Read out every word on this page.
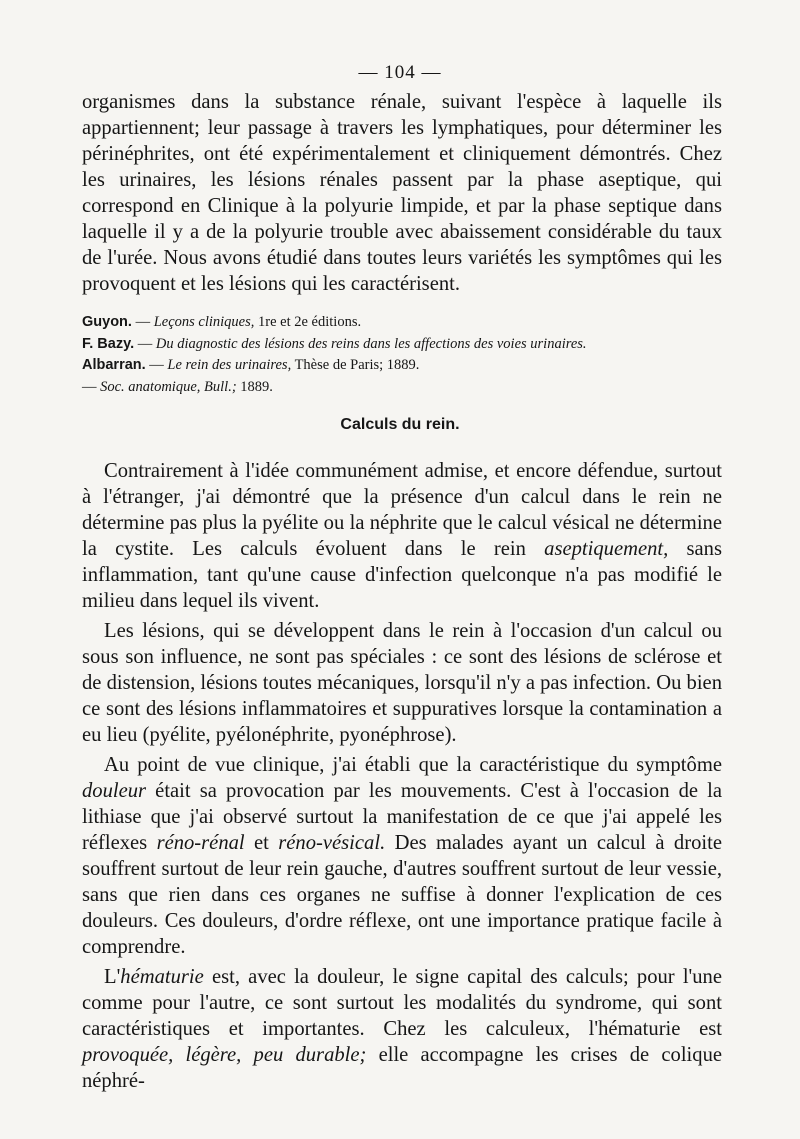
— 104 —

organismes dans la substance rénale, suivant l'espèce à laquelle ils appartiennent; leur passage à travers les lymphatiques, pour déterminer les périnéphrites, ont été expérimentalement et cliniquement démontrés. Chez les urinaires, les lésions rénales passent par la phase aseptique, qui correspond en Clinique à la polyurie limpide, et par la phase septique dans laquelle il y a de la polyurie trouble avec abaissement considérable du taux de l'urée. Nous avons étudié dans toutes leurs variétés les symptômes qui les provoquent et les lésions qui les caractérisent.

Guyon. — Leçons cliniques, 1re et 2e éditions.

F. Bazy. — Du diagnostic des lésions des reins dans les affections des voies urinaires.

Albarran. — Le rein des urinaires, Thèse de Paris; 1889.

— Soc. anatomique, Bull.; 1889.

Calculs du rein.

Contrairement à l'idée communément admise, et encore défendue, surtout à l'étranger, j'ai démontré que la présence d'un calcul dans le rein ne détermine pas plus la pyélite ou la néphrite que le calcul vésical ne détermine la cystite. Les calculs évoluent dans le rein aseptiquement, sans inflammation, tant qu'une cause d'infection quelconque n'a pas modifié le milieu dans lequel ils vivent.

Les lésions, qui se développent dans le rein à l'occasion d'un calcul ou sous son influence, ne sont pas spéciales : ce sont des lésions de sclérose et de distension, lésions toutes mécaniques, lorsqu'il n'y a pas infection. Ou bien ce sont des lésions inflammatoires et suppuratives lorsque la contamination a eu lieu (pyélite, pyélonéphrite, pyonéphrose).

Au point de vue clinique, j'ai établi que la caractéristique du symptôme douleur était sa provocation par les mouvements. C'est à l'occasion de la lithiase que j'ai observé surtout la manifestation de ce que j'ai appelé les réflexes réno-rénal et réno-vésical. Des malades ayant un calcul à droite souffrent surtout de leur rein gauche, d'autres souffrent surtout de leur vessie, sans que rien dans ces organes ne suffise à donner l'explication de ces douleurs. Ces douleurs, d'ordre réflexe, ont une importance pratique facile à comprendre.

L'hématurie est, avec la douleur, le signe capital des calculs; pour l'une comme pour l'autre, ce sont surtout les modalités du syndrome, qui sont caractéristiques et importantes. Chez les calculeux, l'hématurie est provoquée, légère, peu durable; elle accompagne les crises de colique néphré-
